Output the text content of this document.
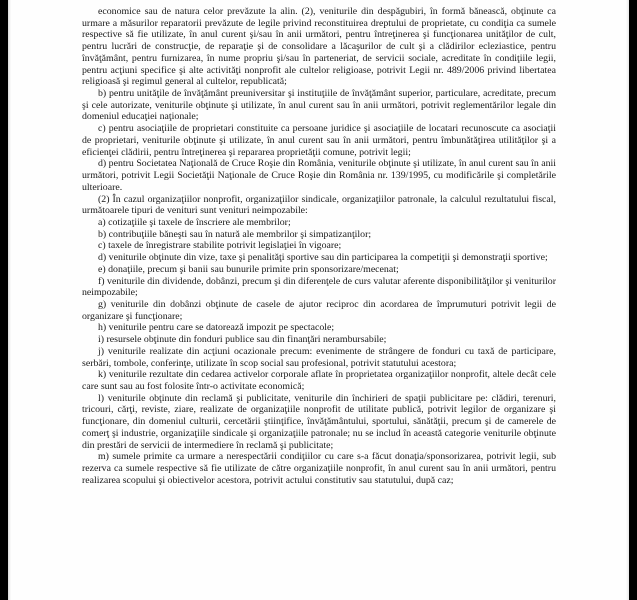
economice sau de natura celor prevăzute la alin. (2), veniturile din despăgubiri, în formă bănească, obţinute ca urmare a măsurilor reparatorii prevăzute de legile privind reconstituirea dreptului de proprietate, cu condiţia ca sumele respective să fie utilizate, în anul curent şi/sau în anii următori, pentru întreţinerea şi funcţionarea unităţilor de cult, pentru lucrări de construcţie, de reparaţie şi de consolidare a lăcaşurilor de cult şi a clădirilor ecleziastice, pentru învăţământ, pentru furnizarea, în nume propriu şi/sau în parteneriat, de servicii sociale, acreditate în condiţiile legii, pentru acţiuni specifice şi alte activităţi nonprofit ale cultelor religioase, potrivit Legii nr. 489/2006 privind libertatea religioasă şi regimul general al cultelor, republicată;

b) pentru unităţile de învăţământ preuniversitar şi instituţiile de învăţământ superior, particulare, acreditate, precum şi cele autorizate, veniturile obţinute şi utilizate, în anul curent sau în anii următori, potrivit reglementărilor legale din domeniul educaţiei naţionale;

c) pentru asociaţiile de proprietari constituite ca persoane juridice şi asociaţiile de locatari recunoscute ca asociaţii de proprietari, veniturile obţinute şi utilizate, în anul curent sau în anii următori, pentru îmbunătăţirea utilităţilor şi a eficienţei clădirii, pentru întreţinerea şi repararea proprietăţii comune, potrivit legii;

d) pentru Societatea Naţională de Cruce Roşie din România, veniturile obţinute şi utilizate, în anul curent sau în anii următori, potrivit Legii Societăţii Naţionale de Cruce Roşie din România nr. 139/1995, cu modificările şi completările ulterioare.

(2) În cazul organizaţiilor nonprofit, organizaţiilor sindicale, organizaţiilor patronale, la calculul rezultatului fiscal, următoarele tipuri de venituri sunt venituri neimpozabile:

a) cotizaţiile şi taxele de înscriere ale membrilor;

b) contribuţiile băneşti sau în natură ale membrilor şi simpatizanţilor;

c) taxele de înregistrare stabilite potrivit legislaţiei în vigoare;

d) veniturile obţinute din vize, taxe şi penalităţi sportive sau din participarea la competiţii şi demonstraţii sportive;

e) donaţiile, precum şi banii sau bunurile primite prin sponsorizare/mecenat;

f) veniturile din dividende, dobânzi, precum şi din diferenţele de curs valutar aferente disponibilităţilor şi veniturilor neimpozabile;

g) veniturile din dobânzi obţinute de casele de ajutor reciproc din acordarea de împrumuturi potrivit legii de organizare şi funcţionare;

h) veniturile pentru care se datorează impozit pe spectacole;

i) resursele obţinute din fonduri publice sau din finanţări nerambursabile;

j) veniturile realizate din acţiuni ocazionale precum: evenimente de strângere de fonduri cu taxă de participare, serbări, tombole, conferinţe, utilizate în scop social sau profesional, potrivit statutului acestora;

k) veniturile rezultate din cedarea activelor corporale aflate în proprietatea organizaţiilor nonprofit, altele decât cele care sunt sau au fost folosite într-o activitate economică;

l) veniturile obţinute din reclamă şi publicitate, veniturile din închirieri de spaţii publicitare pe: clădiri, terenuri, tricouri, cărţi, reviste, ziare, realizate de organizaţiile nonprofit de utilitate publică, potrivit legilor de organizare şi funcţionare, din domeniul culturii, cercetării ştiinţifice, învăţământului, sportului, sănătăţii, precum şi de camerele de comerţ şi industrie, organizaţiile sindicale şi organizaţiile patronale; nu se includ în această categorie veniturile obţinute din prestări de servicii de intermediere în reclamă şi publicitate;

m) sumele primite ca urmare a nerespectării condiţiilor cu care s-a făcut donaţia/sponsorizarea, potrivit legii, sub rezerva ca sumele respective să fie utilizate de către organizaţiile nonprofit, în anul curent sau în anii următori, pentru realizarea scopului şi obiectivelor acestora, potrivit actului constitutiv sau statutului, după caz;
